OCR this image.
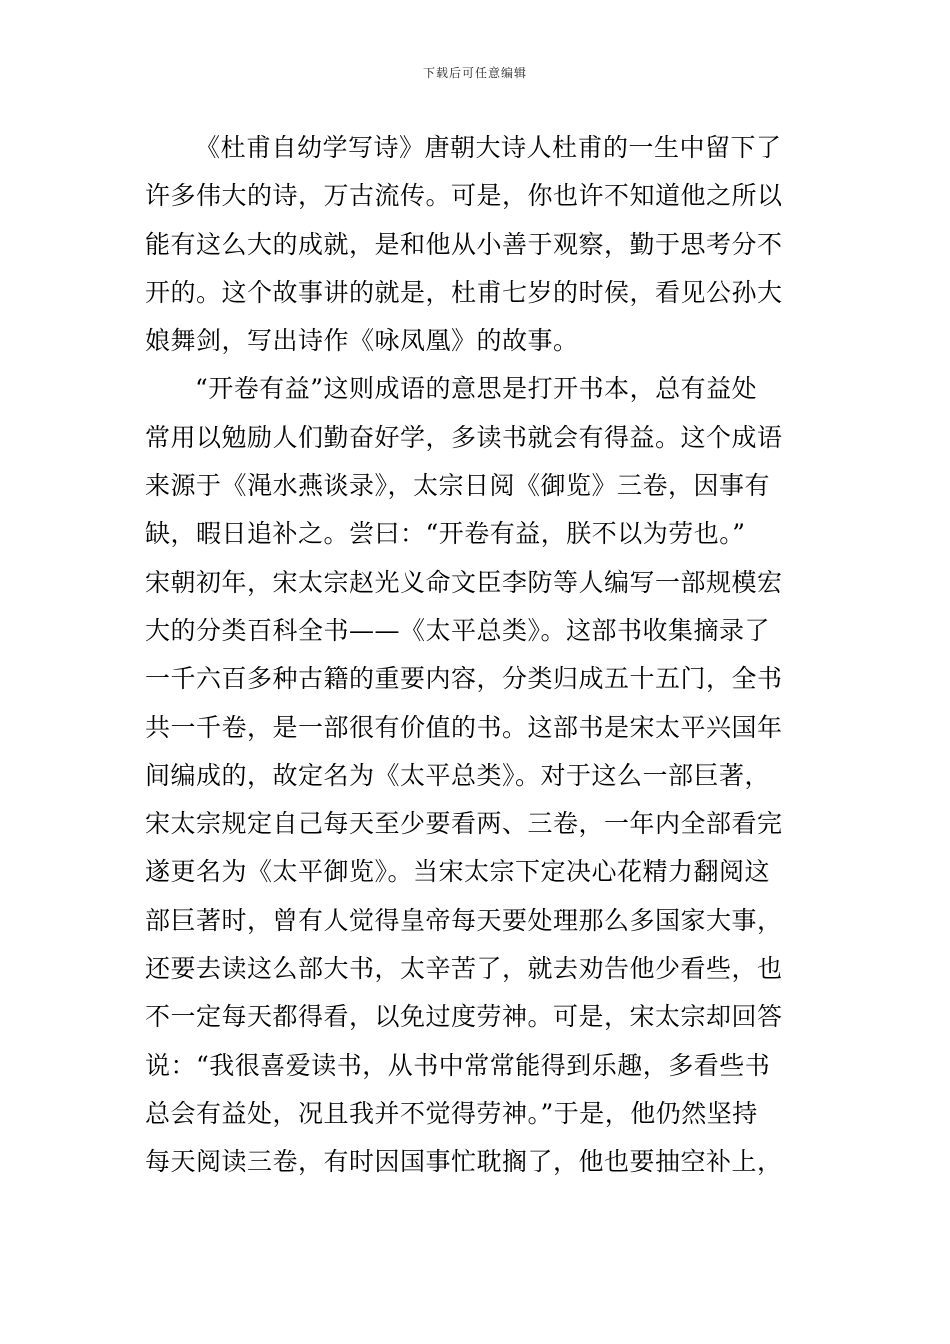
下载后可任意编辑
《杜甫自幼学写诗》唐朝大诗人杜甫的一生中留下了
许多伟大的诗，万古流传。可是，你也许不知道他之所以
能有这么大的成就，是和他从小善于观察，勤于思考分不
开的。这个故事讲的就是，杜甫七岁的时侯，看见公孙大
娘舞剑，写出诗作《咏凤凰》的故事。
“开卷有益”这则成语的意思是打开书本，总有益处
常用以勉励人们勤奋好学，多读书就会有得益。这个成语
来源于《渑水燕谈录》，太宗日阅《御览》三卷，因事有
缺，暇日追补之。尝曰：“开卷有益，朕不以为劳也。”
宋朝初年，宋太宗赵光义命文臣李防等人编写一部规模宏
大的分类百科全书——《太平总类》。这部书收集摘录了
一千六百多种古籍的重要内容，分类归成五十五门，全书
共一千卷，是一部很有价值的书。这部书是宋太平兴国年
间编成的，故定名为《太平总类》。对于这么一部巨著，
宋太宗规定自己每天至少要看两、三卷，一年内全部看完
遂更名为《太平御览》。当宋太宗下定决心花精力翻阅这
部巨著时，曾有人觉得皇帝每天要处理那么多国家大事，
还要去读这么部大书，太辛苦了，就去劝告他少看些，也
不一定每天都得看，以免过度劳神。可是，宋太宗却回答
说：“我很喜爱读书，从书中常常能得到乐趣，多看些书
总会有益处，况且我并不觉得劳神。”于是，他仍然坚持
每天阅读三卷，有时因国事忙耽搁了，他也要抽空补上，
